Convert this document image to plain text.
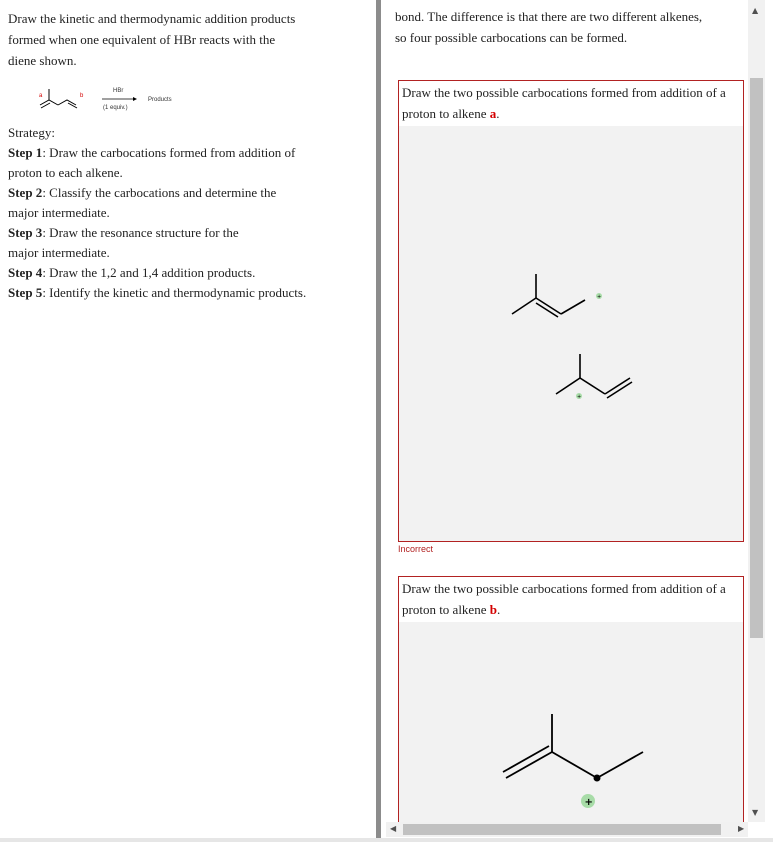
Draw the kinetic and thermodynamic addition products
formed when one equivalent of HBr reacts with the
diene shown.
a	b
HBr
(1 equiv.)
Products
Strategy:
Step 1: Draw the carbocations formed from addition of
proton to each alkene.
Step 2: Classify the carbocations and determine the
major intermediate.
Step 3: Draw the resonance structure for the
major intermediate.
Step 4: Draw the 1,2 and 1,4 addition products.
Step 5: Identify the kinetic and thermodynamic products.
bond. The difference is that there are two different alkenes,
so four possible carbocations can be formed.
Draw the two possible carbocations formed from addition of a proton to alkene a.
+
+
Incorrect
Draw the two possible carbocations formed from addition of a proton to alkene b.
+
▲
▼
◀	▶
